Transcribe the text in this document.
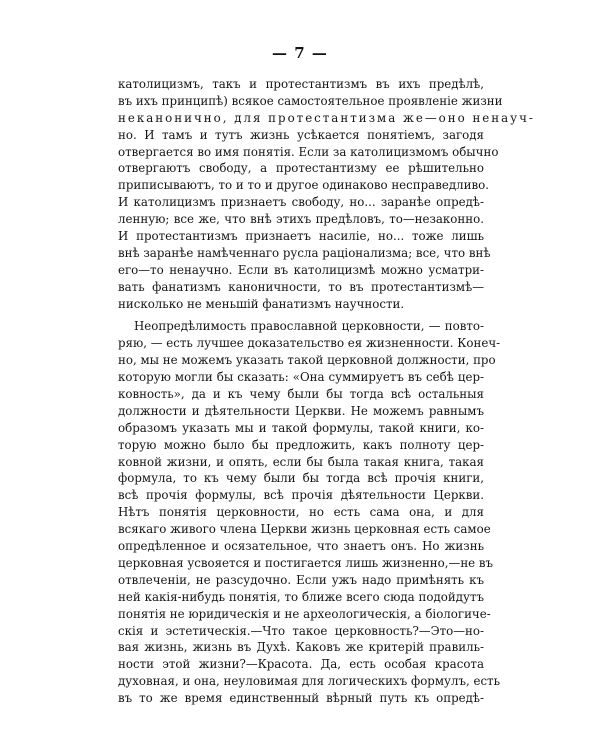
— 7 —
католицизмъ, такъ и протестантизмъ въ ихъ предѣлѣ,
въ ихъ принципѣ) всякое самостоятельное проявленіе жизни
неканонично, для протестантизма же—оно ненауч-
но. И тамъ и тутъ жизнь усѣкается понятіемъ, загодя
отвергается во имя понятія. Если за католицизмомъ обычно
отвергаютъ свободу, а протестантизму ее рѣшительно
приписываютъ, то и то и другое одинаково несправедливо.
И католицизмъ признаетъ свободу, но... заранѣе опредѣ-
ленную; все же, что внѣ этихъ предѣловъ, то—незаконно.
И протестантизмъ признаетъ насиліе, но... тоже лишь
внѣ заранѣе намѣченнаго русла раціонализма; все, что внѣ
его—то ненаучно. Если въ католицизмѣ можно усматри-
вать фанатизмъ каноничности, то въ протестантизмѣ—
нисколько не меньшій фанатизмъ научности.
Неопредѣлимость православной церковности, — повто-
ряю, — есть лучшее доказательство ея жизненности. Конеч-
но, мы не можемъ указать такой церковной должности, про
которую могли бы сказать: «Она суммируетъ въ себѣ цер-
ковность», да и къ чему были бы тогда всѣ остальныя
должности и дѣятельности Церкви. Не можемъ равнымъ
образомъ указать мы и такой формулы, такой книги, ко-
торую можно было бы предложить, какъ полноту цер-
ковной жизни, и опять, если бы была такая книга, такая
формула, то къ чему были бы тогда всѣ прочія книги,
всѣ прочія формулы, всѣ прочія дѣятельности Церкви.
Нѣтъ понятія церковности, но есть сама она, и для
всякаго живого члена Церкви жизнь церковная есть самое
опредѣленное и осязательное, что знаетъ онъ. Но жизнь
церковная усвояется и постигается лишь жизненно,—не въ
отвлеченіи, не разсудочно. Если ужъ надо примѣнять къ
ней какія-нибудь понятія, то ближе всего сюда подойдутъ
понятія не юридическія и не археологическія, а біологиче-
скія и эстетическія.—Что такое церковность?—Это—но-
вая жизнь, жизнь въ Духѣ. Каковъ же критерій правиль-
ности этой жизни?—Красота. Да, есть особая красота
духовная, и она, неуловимая для логическихъ формулъ, есть
въ то же время единственный вѣрный путь къ опредѣ-
